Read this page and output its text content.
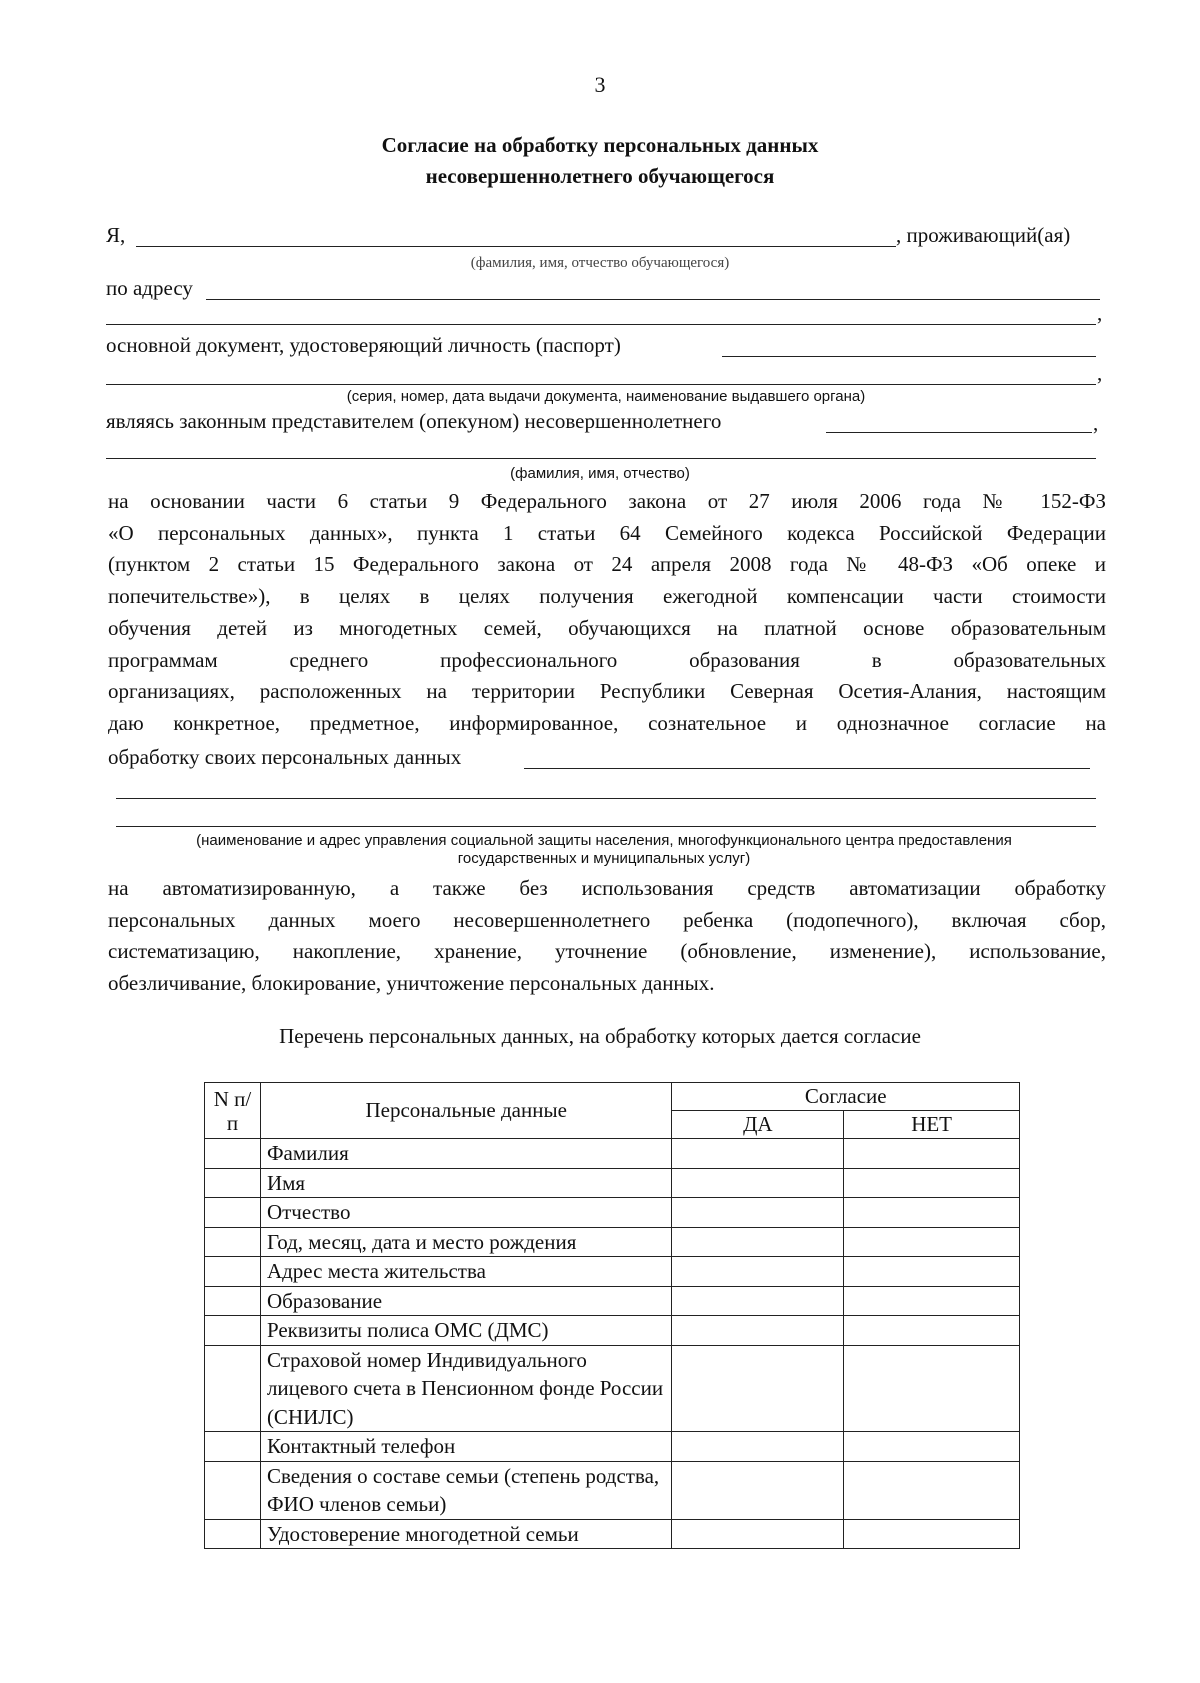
3
Согласие на обработку персональных данных
несовершеннолетнего обучающегося
Я,	, проживающий(ая)
(фамилия, имя, отчество обучающегося)
по адресу
,
основной документ, удостоверяющий личность (паспорт)
,
(серия, номер, дата выдачи документа, наименование выдавшего органа)
являясь законным представителем (опекуном) несовершеннолетнего	,
(фамилия, имя, отчество)

на основании части 6 статьи 9 Федерального закона от 27 июля 2006 года № 152-ФЗ

«О персональных данных», пункта 1 статьи 64 Семейного кодекса Российской Федерации

(пунктом 2 статьи 15 Федерального закона от 24 апреля 2008 года № 48-ФЗ «Об опеке и

попечительстве»), в целях в целях получения ежегодной компенсации части стоимости

обучения детей из многодетных семей, обучающихся на платной основе образовательным

программам среднего профессионального образования в образовательных

организациях, расположенных на территории Республики Северная Осетия-Алания, настоящим

даю конкретное, предметное, информированное, сознательное и однозначное согласие на

обработку своих персональных данных
(наименование и адрес управления социальной защиты населения, многофункционального центра предоставления
государственных и муниципальных услуг)

на автоматизированную, а также без использования средств автоматизации обработку

персональных данных моего несовершеннолетнего ребенка (подопечного), включая сбор,

систематизацию, накопление, хранение, уточнение (обновление, изменение), использование,

обезличивание, блокирование, уничтожение персональных данных.

Перечень персональных данных, на обработку которых дается согласие
N п/п	Персональные данные	Согласие	
		ДА	НЕТ
	Фамилия		
	Имя		
	Отчество		
	Год, месяц, дата и место рождения		
	Адрес места жительства		
	Образование		
	Реквизиты полиса ОМС (ДМС)		
	Страховой номер Индивидуального лицевого счета в Пенсионном фонде России (СНИЛС)		
	Контактный телефон		
	Сведения о составе семьи (степень родства, ФИО членов семьи)		
	Удостоверение многодетной семьи		
